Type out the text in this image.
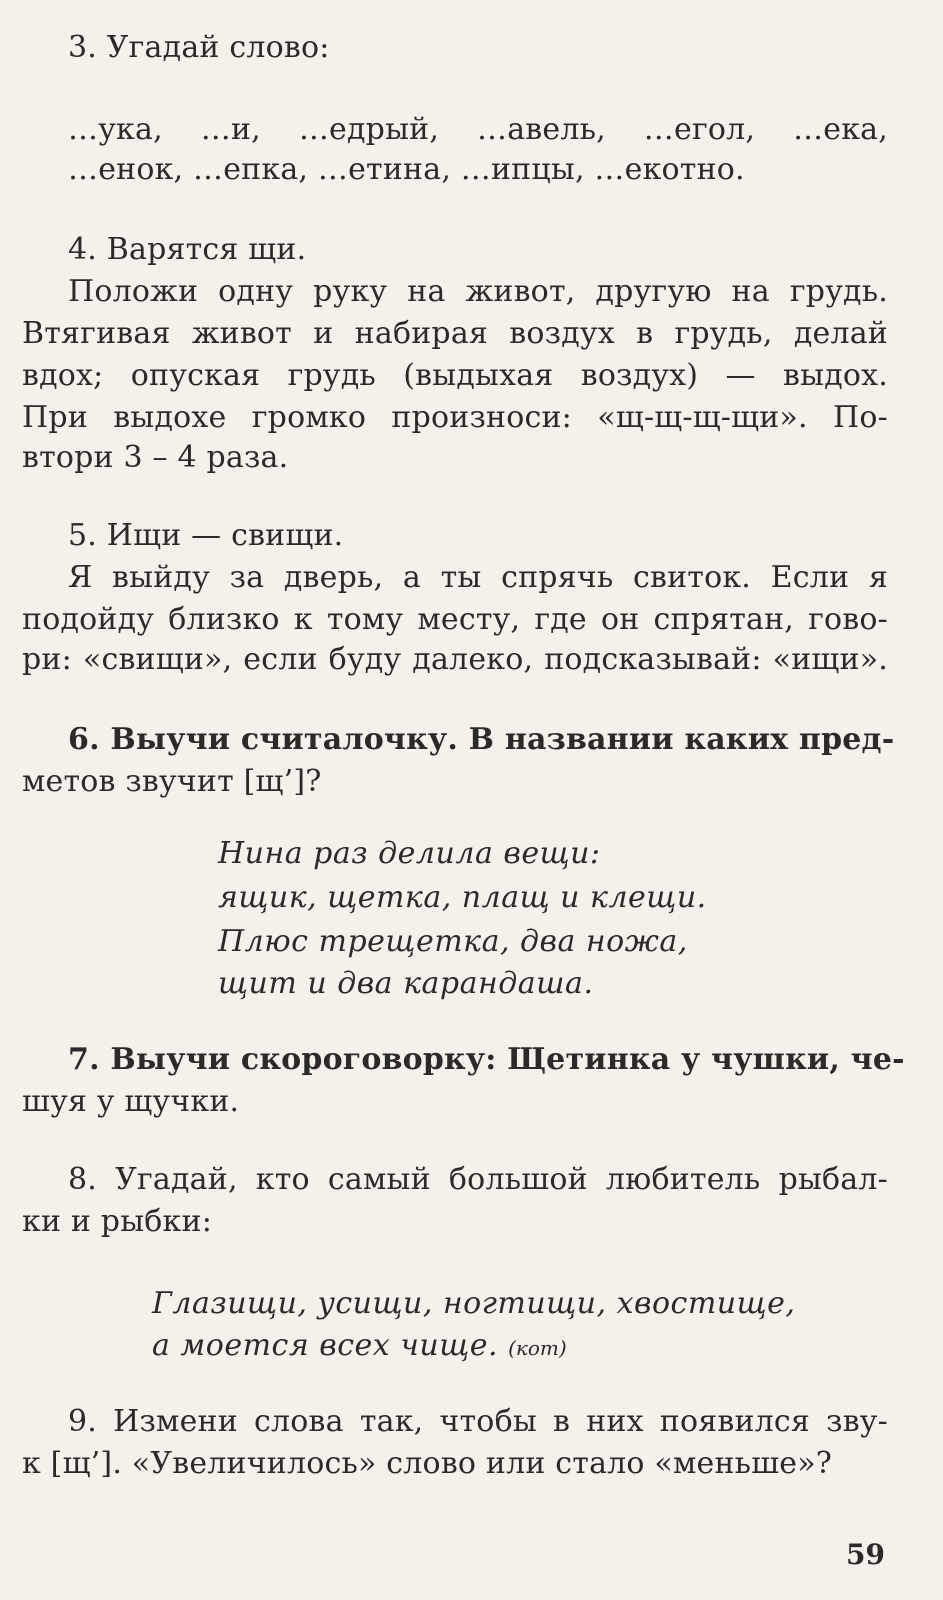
3. Угадай слово:
…ука, …и, …едрый, …авель, …егол, …ека,
…енок, …епка, …етина, …ипцы, …екотно.
4. Варятся щи.
Положи одну руку на живот, другую на грудь.
Втягивая живот и набирая воздух в грудь, делай
вдох; опуская грудь (выдыхая воздух) — выдох.
При выдохе громко произноси: «щ-щ-щ-щи». По-
втори 3 – 4 раза.
5. Ищи — свищи.
Я выйду за дверь, а ты спрячь свиток. Если я
подойду близко к тому месту, где он спрятан, гово-
ри: «свищи», если буду далеко, подсказывай: «ищи».
6. Выучи считалочку. В названии каких пред-
метов звучит [щ’]?
Нина раз делила вещи:
ящик, щетка, плащ и клещи.
Плюс трещетка, два ножа,
щит и два карандаша.
7. Выучи скороговорку: Щетинка у чушки, че-
шуя у щучки.
8. Угадай, кто самый большой любитель рыбал-
ки и рыбки:
Глазищи, усищи, ногтищи, хвостище,
а моется всех чище. (кот)
9. Измени слова так, чтобы в них появился зву-
к [щ’]. «Увеличилось» слово или стало «меньше»?
59
